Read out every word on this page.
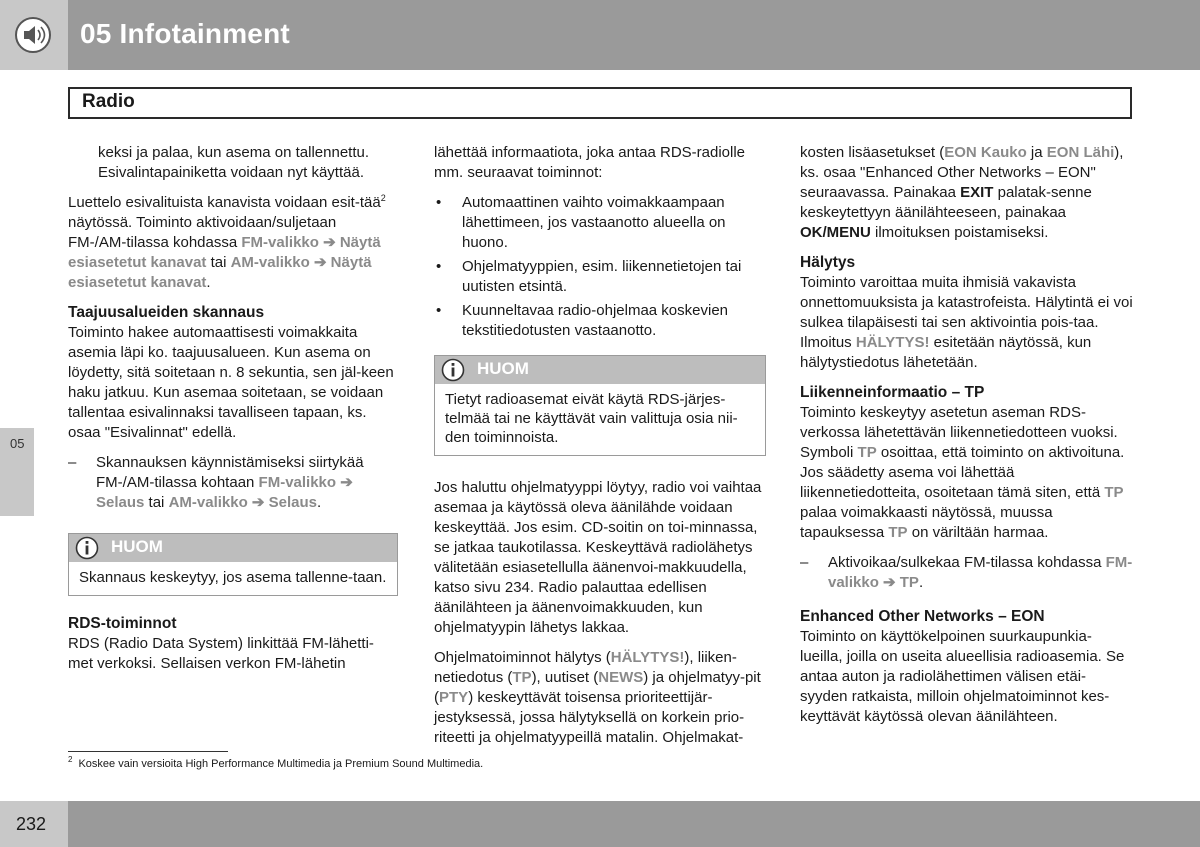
05 Infotainment
Radio
05

keksi ja palaa, kun asema on tallennettu. Esivalintapainiketta voidaan nyt käyttää.

Luettelo esivalituista kanavista voidaan esit-tää$^2$ näytössä. Toiminto aktivoidaan/suljetaan FM-/AM-tilassa kohdassa FM-valikko ➔ Näytä esiasetetut kanavat tai AM-valikko ➔ Näytä esiasetetut kanavat.

Taajuusalueiden skannaus

Toiminto hakee automaattisesti voimakkaita asemia läpi ko. taajuusalueen. Kun asema on löydetty, sitä soitetaan n. 8 sekuntia, sen jäl-keen haku jatkuu. Kun asemaa soitetaan, se voidaan tallentaa esivalinnaksi tavalliseen tapaan, ks. osaa "Esivalinnat" edellä.

– Skannauksen käynnistämiseksi siirtykää FM-/AM-tilassa kohtaan FM-valikko ➔ Selaus tai AM-valikko ➔ Selaus.
HUOM
Skannaus keskeytyy, jos asema tallenne-taan.
RDS-toiminnot

RDS (Radio Data System) linkittää FM-lähetti-met verkoksi. Sellaisen verkon FM-lähetin

lähettää informaatiota, joka antaa RDS-radiolle mm. seuraavat toiminnot:

• Automaattinen vaihto voimakkaampaan lähettimeen, jos vastaanotto alueella on huono.
• Ohjelmatyyppien, esim. liikennetietojen tai uutisten etsintä.
• Kuunneltavaa radio-ohjelmaa koskevien tekstitiedotusten vastaanotto.
HUOM
Tietyt radioasemat eivät käytä RDS-järjes-telmää tai ne käyttävät vain valittuja osia nii-den toiminnoista.

Jos haluttu ohjelmatyyppi löytyy, radio voi vaihtaa asemaa ja käytössä oleva äänilähde voidaan keskeyttää. Jos esim. CD-soitin on toi-minnassa, se jatkaa taukotilassa. Keskeyttävä radiolähetys välitetään esiasetellulla äänenvoi-makkuudella, katso sivu 234. Radio palauttaa edellisen äänilähteen ja äänenvoimakkuuden, kun ohjelmatyypin lähetys lakkaa.

Ohjelmatoiminnot hälytys (HÄLYTYS!), liiken-netiedotus (TP), uutiset (NEWS) ja ohjelmatyy-pit (PTY) keskeyttävät toisensa prioriteettijär-jestyksessä, jossa hälytyksellä on korkein prio-riteetti ja ohjelmatyypeillä matalin. Ohjelmakat-

kosten lisäasetukset (EON Kauko ja EON Lähi), ks. osaa "Enhanced Other Networks – EON" seuraavassa. Painakaa EXIT palatak-senne keskeytettyyn äänilähteeseen, painakaa OK/MENU ilmoituksen poistamiseksi.

Hälytys

Toiminto varoittaa muita ihmisiä vakavista onnettomuuksista ja katastrofeista. Hälytintä ei voi sulkea tilapäisesti tai sen aktivointia pois-taa. Ilmoitus HÄLYTYS! esitetään näytössä, kun hälytystiedotus lähetetään.

Liikenneinformaatio – TP

Toiminto keskeytyy asetetun aseman RDS-verkossa lähetettävän liikennetiedotteen vuoksi. Symboli TP osoittaa, että toiminto on aktivoituna. Jos säädetty asema voi lähettää liikennetiedotteita, osoitetaan tämä siten, että TP palaa voimakkaasti näytössä, muussa tapauksessa TP on väriltään harmaa.

– Aktivoikaa/sulkekaa FM-tilassa kohdassa FM-valikko ➔ TP.
Enhanced Other Networks – EON

Toiminto on käyttökelpoinen suurkaupunkia-lueilla, joilla on useita alueellisia radioasemia. Se antaa auton ja radiolähettimen välisen etäi-syyden ratkaista, milloin ohjelmatoiminnot kes-keyttävät käytössä olevan äänilähteen.

$^2$ Koskee vain versioita High Performance Multimedia ja Premium Sound Multimedia.
232
